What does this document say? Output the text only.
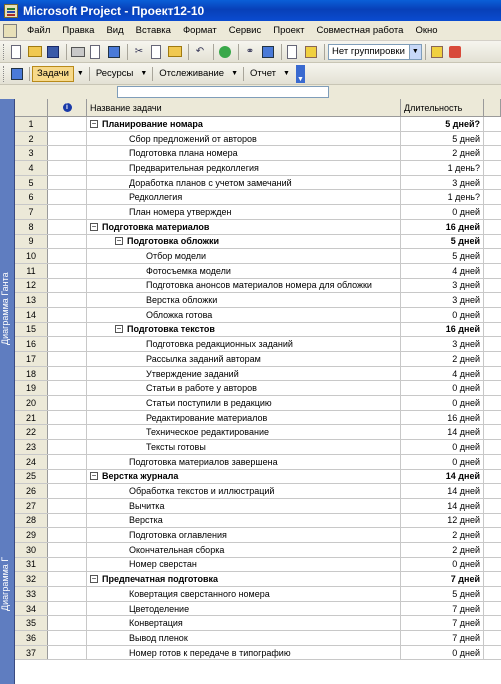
Microsoft Project - Проект12-10
Файл	Правка	Вид	Вставка	Формат	Сервис	Проект	Совместная работа	Окно
✂	↶	⚭	Нет группировки	▼
Задачи	▼	Ресурсы	▼	Отслеживание	▼	Отчет	▼
▼
Диаграмма Ганта
Диаграмма Г
i	Название задачи	Длительность
1	− Планирование номара	5 дней?
2	Сбор предложений от авторов	5 дней
3	Подготовка плана номера	2 дней
4	Предварительная редколлегия	1 день?
5	Доработка планов с учетом замечаний	3 дней
6	Редколлегия	1 день?
7	План номера утвержден	0 дней
8	− Подготовка материалов	16 дней
9	− Подготовка обложки	5 дней
10	Отбор модели	5 дней
11	Фотосъемка модели	4 дней
12	Подготовка анонсов материалов номера для обложки	3 дней
13	Верстка обложки	3 дней
14	Обложка готова	0 дней
15	− Подготовка текстов	16 дней
16	Подготовка редакционных заданий	3 дней
17	Рассылка заданий авторам	2 дней
18	Утверждение заданий	4 дней
19	Статьи в работе у авторов	0 дней
20	Статьи поступили в редакцию	0 дней
21	Редактирование материалов	16 дней
22	Техническое редактирование	14 дней
23	Тексты готовы	0 дней
24	Подготовка материалов завершена	0 дней
25	− Верстка журнала	14 дней
26	Обработка текстов и иллюстраций	14 дней
27	Вычитка	14 дней
28	Верстка	12 дней
29	Подготовка оглавления	2 дней
30	Окончательная сборка	2 дней
31	Номер сверстан	0 дней
32	− Предпечатная подготовка	7 дней
33	Ковертация сверстанного номера	5 дней
34	Цветоделение	7 дней
35	Конвертация	7 дней
36	Вывод пленок	7 дней
37	Номер готов к передаче в типографию	0 дней
